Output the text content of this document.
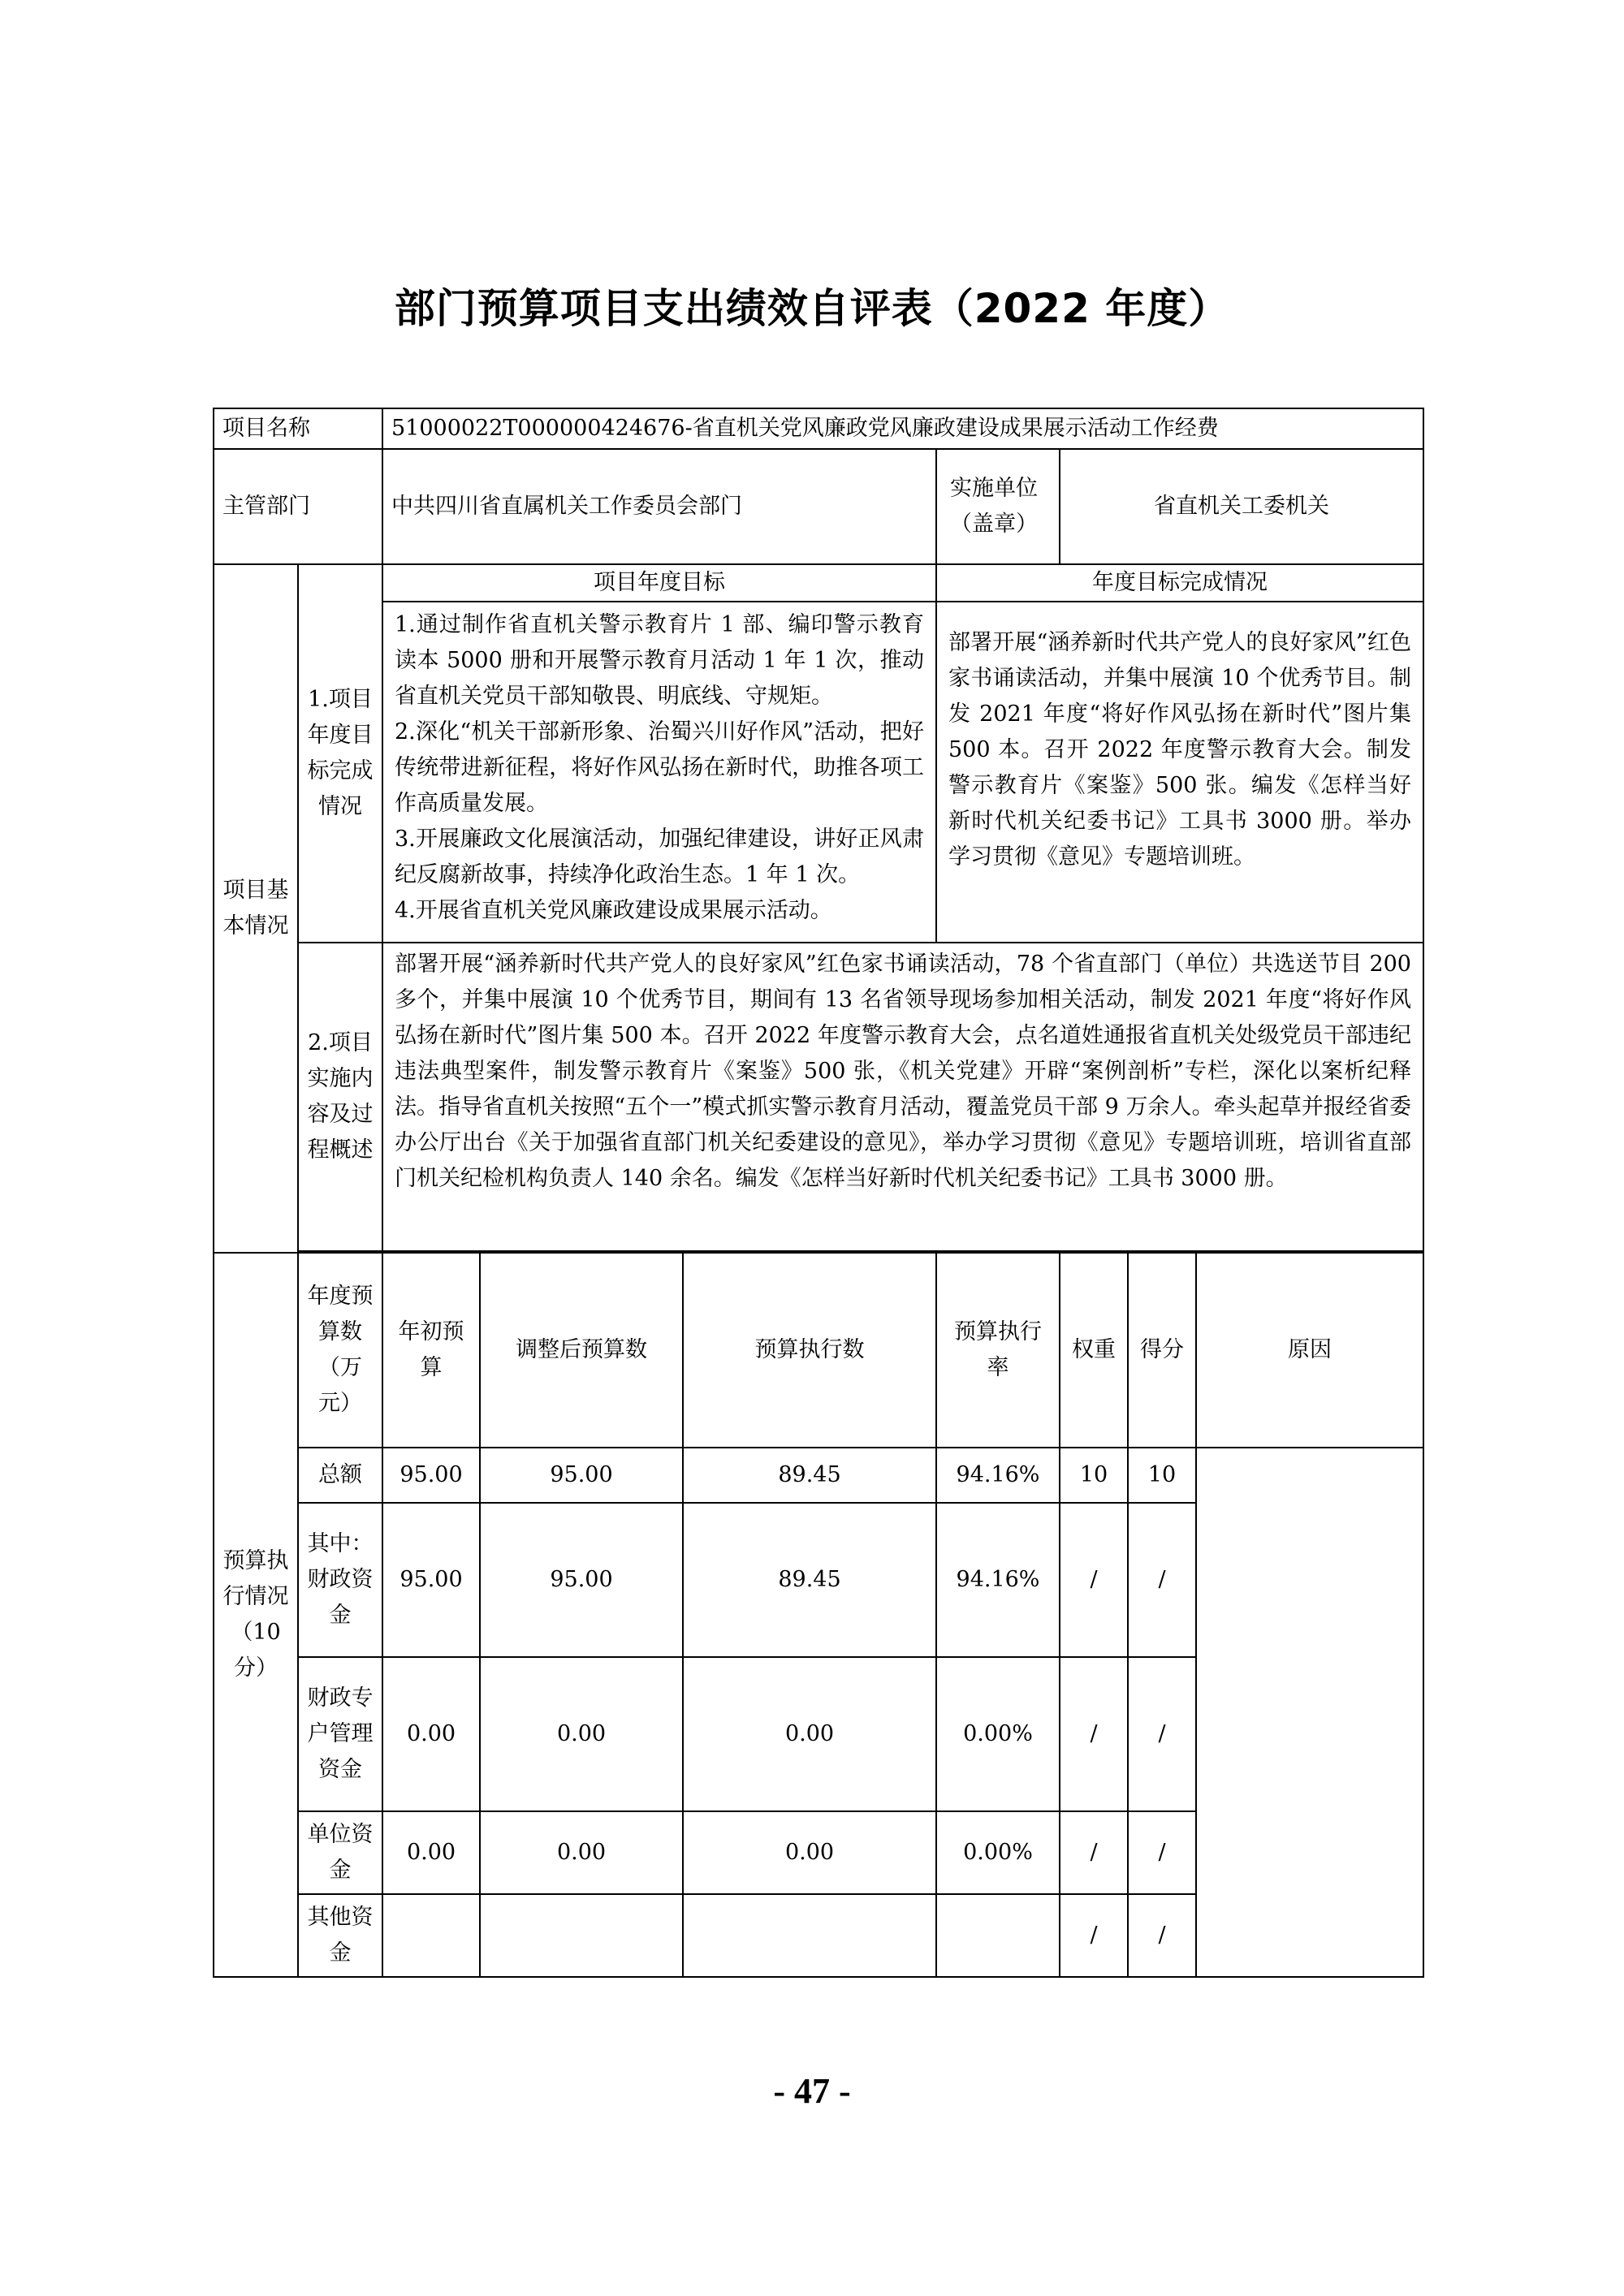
部门预算项目支出绩效自评表（2022 年度）
项目名称		51000022T000000424676-省直机关党风廉政党风廉政建设成果展示活动工作经费						
主管部门		中共四川省直属机关工作委员会部门			实施单位（盖章）	省直机关工委机关		
项目基本情况	1.项目年度目标完成情况	项目年度目标			年度目标完成情况			

		1.通过制作省直机关警示教育片 1 部、编印警示教育读本 5000 册和开展警示教育月活动 1 年 1 次，推动省直机关党员干部知敬畏、明底线、守规矩。

2.深化“机关干部新形象、治蜀兴川好作风”活动，把好传统带进新征程，将好作风弘扬在新时代，助推各项工作高质量发展。

3.开展廉政文化展演活动，加强纪律建设，讲好正风肃纪反腐新故事，持续净化政治生态。1 年 1 次。

4.开展省直机关党风廉政建设成果展示活动。			部署开展“涵养新时代共产党人的良好家风”红色家书诵读活动，并集中展演 10 个优秀节目。制发 2021 年度“将好作风弘扬在新时代”图片集 500 本。召开 2022 年度警示教育大会。制发警示教育片《案鉴》500 张。编发《怎样当好新时代机关纪委书记》工具书 3000 册。举办学习贯彻《意见》专题培训班。			
	2.项目实施内容及过程概述	部署开展“涵养新时代共产党人的良好家风”红色家书诵读活动，78 个省直部门（单位）共选送节目 200 多个，并集中展演 10 个优秀节目，期间有 13 名省领导现场参加相关活动，制发 2021 年度“将好作风弘扬在新时代”图片集 500 本。召开 2022 年度警示教育大会，点名道姓通报省直机关处级党员干部违纪违法典型案件，制发警示教育片《案鉴》500 张，《机关党建》开辟“案例剖析”专栏，深化以案析纪释法。指导省直机关按照“五个一”模式抓实警示教育月活动，覆盖党员干部 9 万余人。牵头起草并报经省委办公厅出台《关于加强省直部门机关纪委建设的意见》，举办学习贯彻《意见》专题培训班，培训省直部门机关纪检机构负责人 140 余名。编发《怎样当好新时代机关纪委书记》工具书 3000 册。						

预算执行情况（10分）	年度预算数（万元）	年初预算	调整后预算数	预算执行数	预算执行率	权重	得分	原因
	总额	95.00	95.00	89.45	94.16%	10	10	
	其中：财政资金	95.00	95.00	89.45	94.16%	/	/	
	财政专户管理资金	0.00	0.00	0.00	0.00%	/	/	
	单位资金	0.00	0.00	0.00	0.00%	/	/	
	其他资金					/	/	
- 47 -
